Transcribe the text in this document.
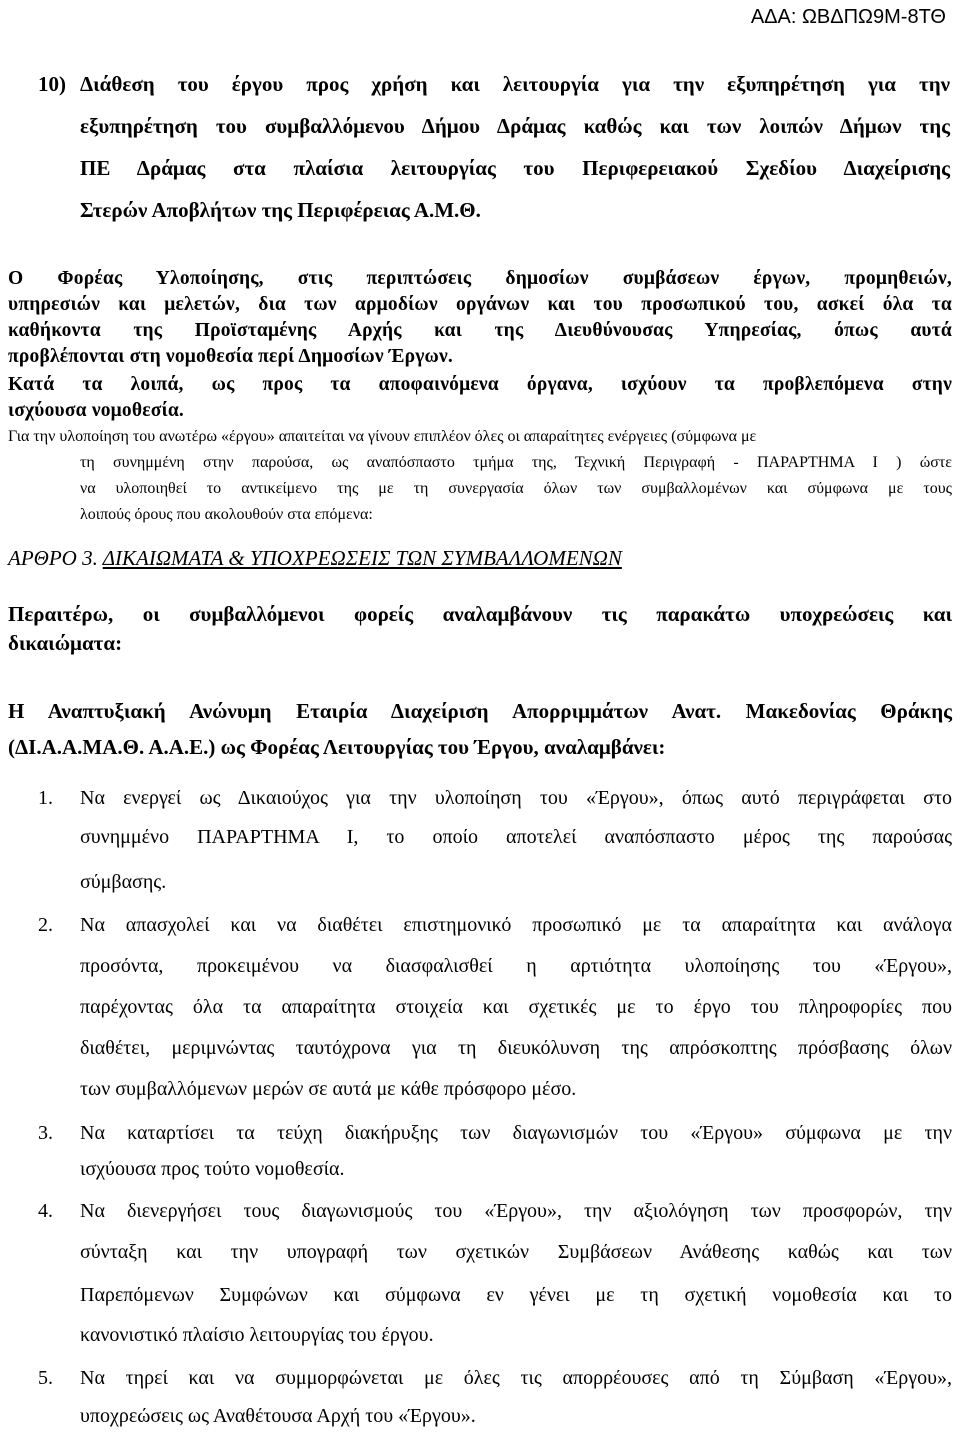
ΑΔΑ: ΩΒΔΠΩ9Μ-8ΤΘ
10) Διάθεση του έργου προς χρήση και λειτουργία για την εξυπηρέτηση για την
εξυπηρέτηση του συμβαλλόμενου Δήμου Δράμας καθώς και των λοιπών Δήμων της
ΠΕ Δράμας στα πλαίσια λειτουργίας του Περιφερειακού Σχεδίου Διαχείρισης
Στερών Αποβλήτων της Περιφέρειας Α.Μ.Θ.
Ο Φορέας Υλοποίησης, στις περιπτώσεις δημοσίων συμβάσεων έργων, προμηθειών,
υπηρεσιών και μελετών, δια των αρμοδίων οργάνων και του προσωπικού του, ασκεί όλα τα
καθήκοντα της Προϊσταμένης Αρχής και της Διευθύνουσας Υπηρεσίας, όπως αυτά
προβλέπονται στη νομοθεσία περί Δημοσίων Έργων.
Κατά τα λοιπά, ως προς τα αποφαινόμενα όργανα, ισχύουν τα προβλεπόμενα στην
ισχύουσα νομοθεσία.
Για την υλοποίηση του ανωτέρω «έργου» απαιτείται να γίνουν επιπλέον όλες οι απαραίτητες ενέργειες (σύμφωνα με
τη συνημμένη στην παρούσα, ως αναπόσπαστο τμήμα της, Τεχνική Περιγραφή - ΠΑΡΑΡΤΗΜΑ Ι ) ώστε
να υλοποιηθεί το αντικείμενο της με τη συνεργασία όλων των συμβαλλομένων και σύμφωνα με τους
λοιπούς όρους που ακολουθούν στα επόμενα:
ΑΡΘΡΟ 3. ΔΙΚΑΙΩΜΑΤΑ & ΥΠΟΧΡΕΩΣΕΙΣ ΤΩΝ ΣΥΜΒΑΛΛΟΜΕΝΩΝ
Περαιτέρω, οι συμβαλλόμενοι φορείς αναλαμβάνουν τις παρακάτω υποχρεώσεις και
δικαιώματα:
Η Αναπτυξιακή Ανώνυμη Εταιρία Διαχείριση Απορριμμάτων Ανατ. Μακεδονίας Θράκης
(ΔΙ.Α.Α.ΜΑ.Θ. Α.Α.Ε.) ως Φορέας Λειτουργίας του Έργου, αναλαμβάνει:
1. Να ενεργεί ως Δικαιούχος για την υλοποίηση του «Έργου», όπως αυτό περιγράφεται στο
συνημμένο ΠΑΡΑΡΤΗΜΑ Ι, το οποίο αποτελεί αναπόσπαστο μέρος της παρούσας
σύμβασης.
2. Να απασχολεί και να διαθέτει επιστημονικό προσωπικό με τα απαραίτητα και ανάλογα
προσόντα, προκειμένου να διασφαλισθεί η αρτιότητα υλοποίησης του «Έργου»,
παρέχοντας όλα τα απαραίτητα στοιχεία και σχετικές με το έργο του πληροφορίες που
διαθέτει, μεριμνώντας ταυτόχρονα για τη διευκόλυνση της απρόσκοπτης πρόσβασης όλων
των συμβαλλόμενων μερών σε αυτά με κάθε πρόσφορο μέσο.
3. Να καταρτίσει τα τεύχη διακήρυξης των διαγωνισμών του «Έργου» σύμφωνα με την
ισχύουσα προς τούτο νομοθεσία.
4. Να διενεργήσει τους διαγωνισμούς του «Έργου», την αξιολόγηση των προσφορών, την
σύνταξη και την υπογραφή των σχετικών Συμβάσεων Ανάθεσης καθώς και των
Παρεπόμενων Συμφώνων και σύμφωνα εν γένει με τη σχετική νομοθεσία και το
κανονιστικό πλαίσιο λειτουργίας του έργου.
5. Να τηρεί και να συμμορφώνεται με όλες τις απορρέουσες από τη Σύμβαση «Έργου»,
υποχρεώσεις ως Αναθέτουσα Αρχή του «Έργου».
